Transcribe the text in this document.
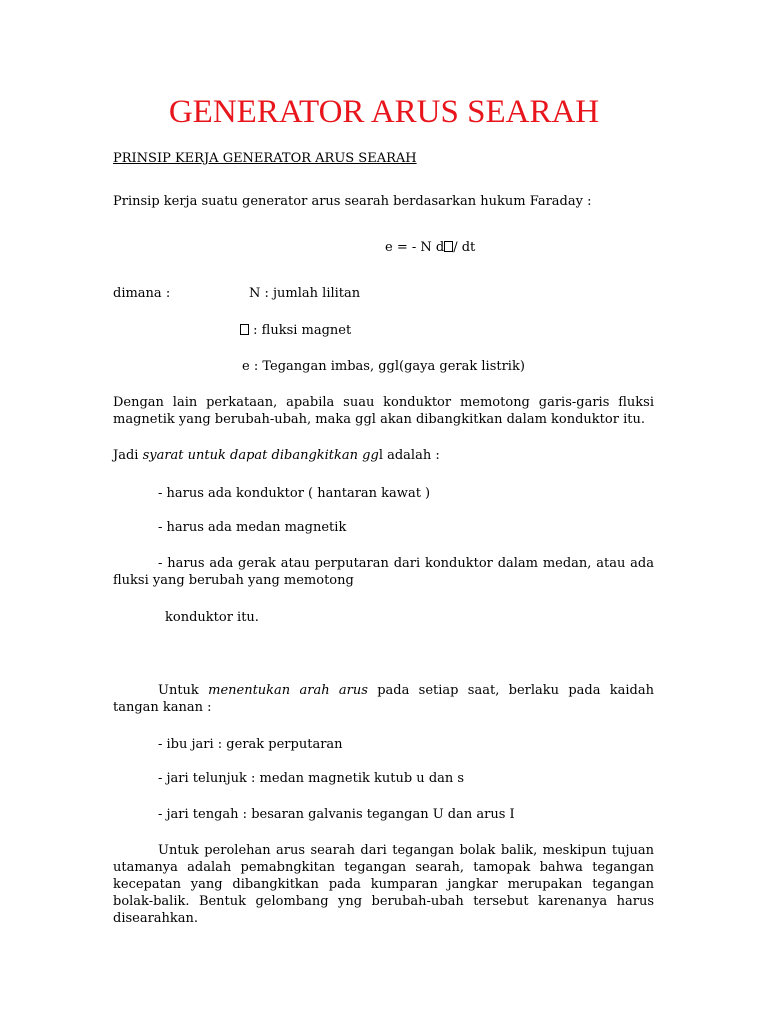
GENERATOR ARUS SEARAH
PRINSIP KERJA GENERATOR ARUS SEARAH
Prinsip kerja suatu generator arus searah berdasarkan hukum Faraday :
e = - N d / dt
dimana :	N : jumlah lilitan
: fluksi magnet
e : Tegangan imbas, ggl(gaya gerak listrik)
Dengan lain perkataan, apabila suau konduktor memotong garis-garis fluksi magnetik yang berubah-ubah, maka ggl akan dibangkitkan dalam konduktor itu.
Jadi syarat untuk dapat dibangkitkan ggl adalah :
- harus ada konduktor ( hantaran kawat )
- harus ada medan magnetik
- harus ada gerak atau perputaran dari konduktor dalam medan, atau ada fluksi yang berubah yang memotong
konduktor itu.
Untuk menentukan arah arus pada setiap saat, berlaku pada kaidah tangan kanan :
- ibu jari : gerak perputaran
- jari telunjuk : medan magnetik kutub u dan s
- jari tengah : besaran galvanis tegangan U dan arus I
Untuk perolehan arus searah dari tegangan bolak balik, meskipun tujuan utamanya adalah pemabngkitan tegangan searah, tamopak bahwa tegangan kecepatan yang dibangkitkan pada kumparan jangkar merupakan tegangan bolak-balik. Bentuk gelombang yng berubah-ubah tersebut karenanya harus disearahkan.
